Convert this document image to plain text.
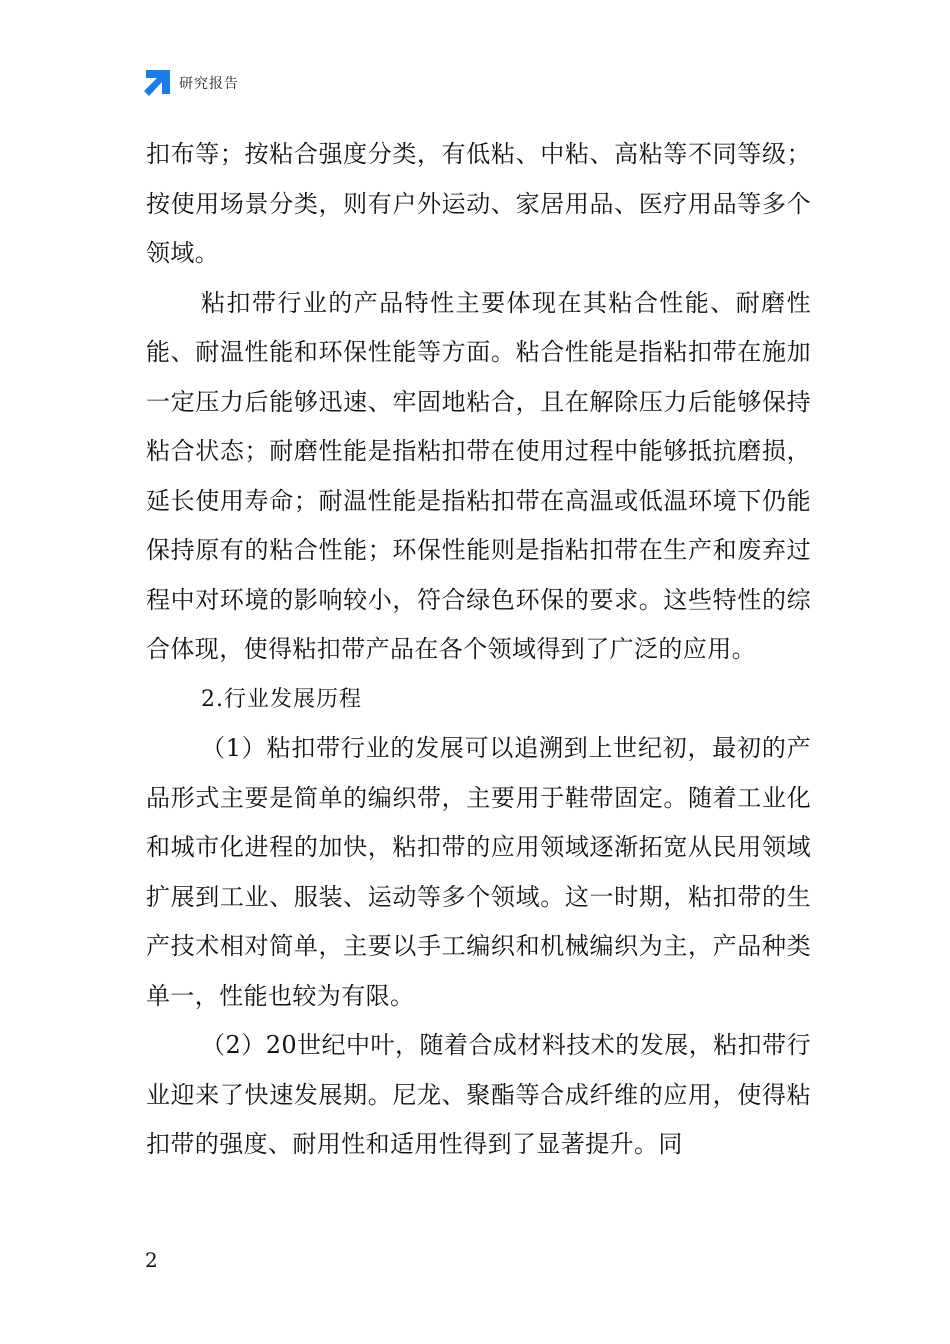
研究报告

扣布等；按粘合强度分类，有低粘、中粘、高粘等不同等级；按使用场景分类，则有户外运动、家居用品、医疗用品等多个领域。

粘扣带行业的产品特性主要体现在其粘合性能、耐磨性能、耐温性能和环保性能等方面。粘合性能是指粘扣带在施加一定压力后能够迅速、牢固地粘合，且在解除压力后能够保持粘合状态；耐磨性能是指粘扣带在使用过程中能够抵抗磨损，延长使用寿命；耐温性能是指粘扣带在高温或低温环境下仍能保持原有的粘合性能；环保性能则是指粘扣带在生产和废弃过程中对环境的影响较小，符合绿色环保的要求。这些特性的综合体现，使得粘扣带产品在各个领域得到了广泛的应用。

2.行业发展历程

（1）粘扣带行业的发展可以追溯到上世纪初，最初的产品形式主要是简单的编织带，主要用于鞋带固定。随着工业化和城市化进程的加快，粘扣带的应用领域逐渐拓宽从民用领域扩展到工业、服装、运动等多个领域。这一时期，粘扣带的生产技术相对简单，主要以手工编织和机械编织为主，产品种类单一，性能也较为有限。

（2）20世纪中叶，随着合成材料技术的发展，粘扣带行业迎来了快速发展期。尼龙、聚酯等合成纤维的应用，使得粘扣带的强度、耐用性和适用性得到了显著提升。同

2
